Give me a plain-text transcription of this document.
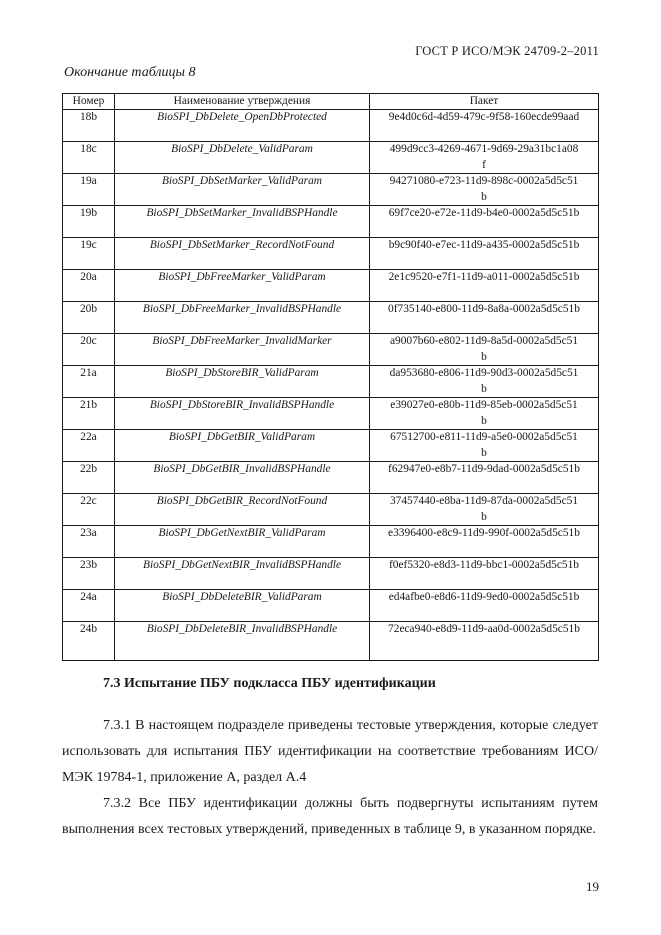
ГОСТ Р ИСО/МЭК 24709-2–2011
Окончание таблицы 8
Номер	Наименование утверждения	Пакет
18b	BioSPI_DbDelete_OpenDbProtected	9e4d0c6d-4d59-479c-9f58-160ecde99aad
18c	BioSPI_DbDelete_ValidParam	499d9cc3-4269-4671-9d69-29a31bc1a08f
19a	BioSPI_DbSetMarker_ValidParam	94271080-e723-11d9-898c-0002a5d5c51b
19b	BioSPI_DbSetMarker_InvalidBSPHandle	69f7ce20-e72e-11d9-b4e0-0002a5d5c51b
19c	BioSPI_DbSetMarker_RecordNotFound	b9c90f40-e7ec-11d9-a435-0002a5d5c51b
20a	BioSPI_DbFreeMarker_ValidParam	2e1c9520-e7f1-11d9-a011-0002a5d5c51b
20b	BioSPI_DbFreeMarker_InvalidBSPHandle	0f735140-e800-11d9-8a8a-0002a5d5c51b
20c	BioSPI_DbFreeMarker_InvalidMarker	a9007b60-e802-11d9-8a5d-0002a5d5c51b
21a	BioSPI_DbStoreBIR_ValidParam	da953680-e806-11d9-90d3-0002a5d5c51b
21b	BioSPI_DbStoreBIR_InvalidBSPHandle	e39027e0-e80b-11d9-85eb-0002a5d5c51b
22a	BioSPI_DbGetBIR_ValidParam	67512700-e811-11d9-a5e0-0002a5d5c51b
22b	BioSPI_DbGetBIR_InvalidBSPHandle	f62947e0-e8b7-11d9-9dad-0002a5d5c51b
22c	BioSPI_DbGetBIR_RecordNotFound	37457440-e8ba-11d9-87da-0002a5d5c51b
23a	BioSPI_DbGetNextBIR_ValidParam	e3396400-e8c9-11d9-990f-0002a5d5c51b
23b	BioSPI_DbGetNextBIR_InvalidBSPHandle	f0ef5320-e8d3-11d9-bbc1-0002a5d5c51b
24a	BioSPI_DbDeleteBIR_ValidParam	ed4afbe0-e8d6-11d9-9ed0-0002a5d5c51b
24b	BioSPI_DbDeleteBIR_InvalidBSPHandle	72eca940-e8d9-11d9-aa0d-0002a5d5c51b
7.3 Испытание ПБУ подкласса ПБУ идентификации
7.3.1 В настоящем подразделе приведены тестовые утверждения, которые следует использовать для испытания ПБУ идентификации на соответствие требованиям ИСО/МЭК 19784-1, приложение А, раздел А.4
7.3.2 Все ПБУ идентификации должны быть подвергнуты испытаниям путем выполнения всех тестовых утверждений, приведенных в таблице 9, в указанном порядке.
19
